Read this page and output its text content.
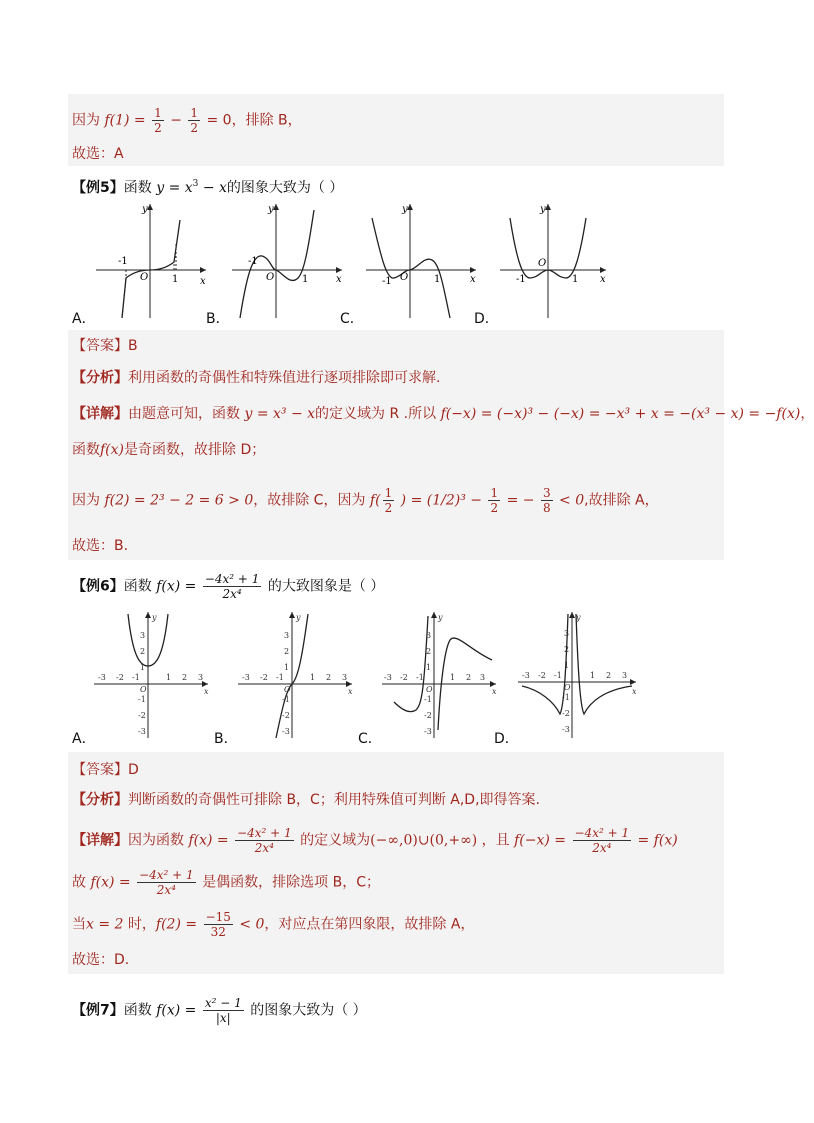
因为 $f(1) = \frac{1}{2} - \frac{1}{2} = 0$，排除 B，
故选：A
【例5】函数 $y = x^3 - x$的图象大致为（ ）
-1
O 1 x
y
-1
O	1	x
y
-1 O	1	x
y
-1
O
1 x
y
A．	B．	C．	D．
【答案】B
【分析】利用函数的奇偶性和特殊值进行逐项排除即可求解.
【详解】由题意可知，函数 y = x³ − x的定义域为 R .所以 f(−x) = (−x)³ − (−x) = −x³ + x = −(x³ − x) = −f(x)，
函数f(x)是奇函数，故排除 D；
因为 f(2) = 2³ − 2 = 6 > 0，故排除 C，因为 $f( \frac{1}{2}$ ) = $(1/2)^3 - \frac{1}{2}$ = − $\frac{3}{8} < 0$,故排除 A，
故选：B.
【例6】函数 $f(x) = \frac{\text{−4x² + 1}}{\text{2x⁴}}$ 的大致图象是（ ）
-3 -2 -1	1 2 3
3
2
1
-1
-2
-3
O	x
y
-3 -2 -1	1 2 3
3
2
1
-1
-2
-3
O	x
y
-3 -2 -1	1 2 3
3
2
1
-1
-2
-3
O	x
y
-3 -2 -1	1 2 3
3
2
1
-1
-2
-3
O	x
y
A．	B．	C．	D．
【答案】D
【分析】判断函数的奇偶性可排除 B，C；利用特殊值可判断 A,D,即得答案.
【详解】因为函数 $f(x) = \frac{\text{−4x² + 1}}{\text{2x⁴}}$ 的定义域为(−∞,0)∪(0,+∞) ，且 $f(-x) = \frac{\text{−4x² + 1}}{\text{2x⁴}} = f(x)$
故 $f(x) = \frac{\text{−4x² + 1}}{\text{2x⁴}}$ 是偶函数，排除选项 B，C；
当x = 2 时，$f(2) = \frac{-15}{32} < 0$，对应点在第四象限，故排除 A，
故选：D.
【例7】函数 $f(x) = \frac{\text{x² − 1}}{|x|}$ 的图象大致为（ ）
